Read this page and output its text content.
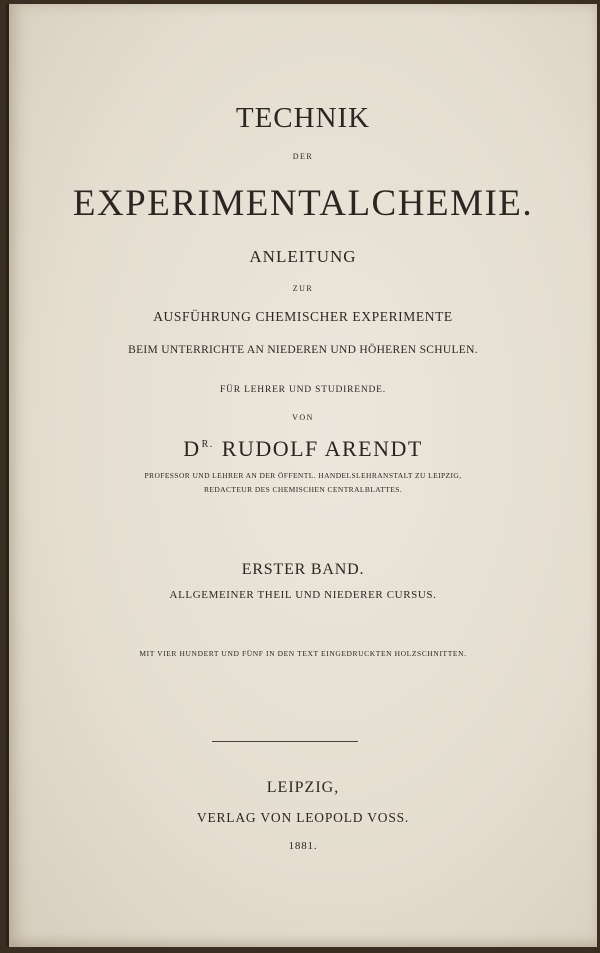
TECHNIK
DER
EXPERIMENTALCHEMIE.
ANLEITUNG
ZUR
AUSFÜHRUNG CHEMISCHER EXPERIMENTE
BEIM UNTERRICHTE AN NIEDEREN UND HÖHEREN SCHULEN.
FÜR LEHRER UND STUDIRENDE.
VON
$D^{R.}$ RUDOLF ARENDT
PROFESSOR UND LEHRER AN DER ÖFFENTL. HANDELSLEHRANSTALT ZU LEIPZIG,
REDACTEUR DES CHEMISCHEN CENTRALBLATTES.
ERSTER BAND.
ALLGEMEINER THEIL UND NIEDERER CURSUS.
MIT VIER HUNDERT UND FÜNF IN DEN TEXT EINGEDRUCKTEN HOLZSCHNITTEN.
LEIPZIG,
VERLAG VON LEOPOLD VOSS.
1881.
